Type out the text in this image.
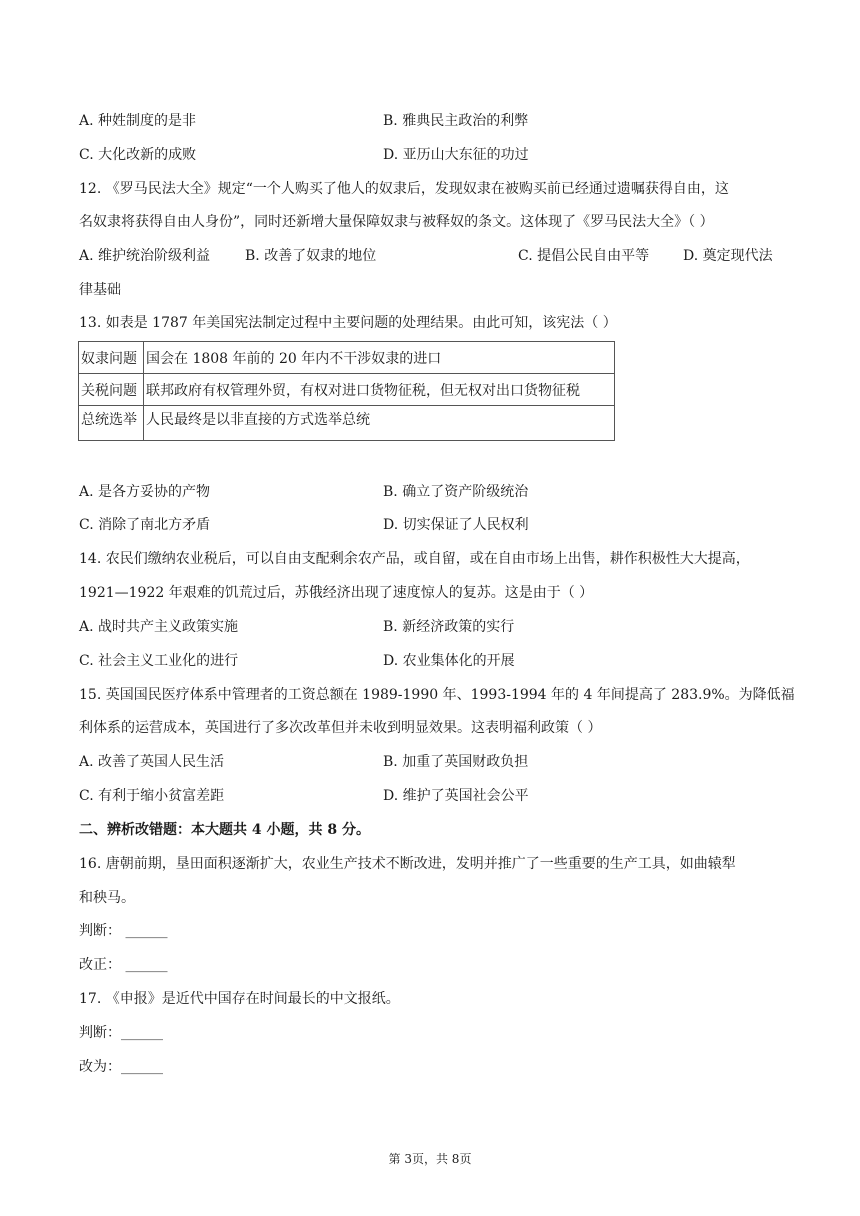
A. 种姓制度的是非	B. 雅典民主政治的利弊
C. 大化改新的成败	D. 亚历山大东征的功过
12. 《罗马民法大全》规定“一个人购买了他人的奴隶后，发现奴隶在被购买前已经通过遗嘱获得自由，这
名奴隶将获得自由人身份”，同时还新增大量保障奴隶与被释奴的条文。这体现了《罗马民法大全》（ ）
A. 维护统治阶级利益 B. 改善了奴隶的地位	C. 提倡公民自由平等 D. 奠定现代法
律基础
13. 如表是 1787 年美国宪法制定过程中主要问题的处理结果。由此可知，该宪法（ ）
奴隶问题	国会在 1808 年前的 20 年内不干涉奴隶的进口
关税问题	联邦政府有权管理外贸，有权对进口货物征税，但无权对出口货物征税
总统选举	人民最终是以非直接的方式选举总统
A. 是各方妥协的产物	B. 确立了资产阶级统治
C. 消除了南北方矛盾	D. 切实保证了人民权利
14. 农民们缴纳农业税后，可以自由支配剩余农产品，或自留，或在自由市场上出售，耕作积极性大大提高，
1921—1922 年艰难的饥荒过后，苏俄经济出现了速度惊人的复苏。这是由于（ ）
A. 战时共产主义政策实施	B. 新经济政策的实行
C. 社会主义工业化的进行	D. 农业集体化的开展
15. 英国国民医疗体系中管理者的工资总额在 1989-1990 年、1993-1994 年的 4 年间提高了 283.9%。为降低福
利体系的运营成本，英国进行了多次改革但并未收到明显效果。这表明福利政策（ ）
A. 改善了英国人民生活	B. 加重了英国财政负担
C. 有利于缩小贫富差距	D. 维护了英国社会公平
二、辨析改错题：本大题共 4 小题，共 8 分。
16. 唐朝前期，垦田面积逐渐扩大，农业生产技术不断改进，发明并推广了一些重要的生产工具，如曲辕犁
和秧马。
判断： ______
改正： ______
17. 《申报》是近代中国存在时间最长的中文报纸。
判断：______
改为：______
第 3页，共 8页
